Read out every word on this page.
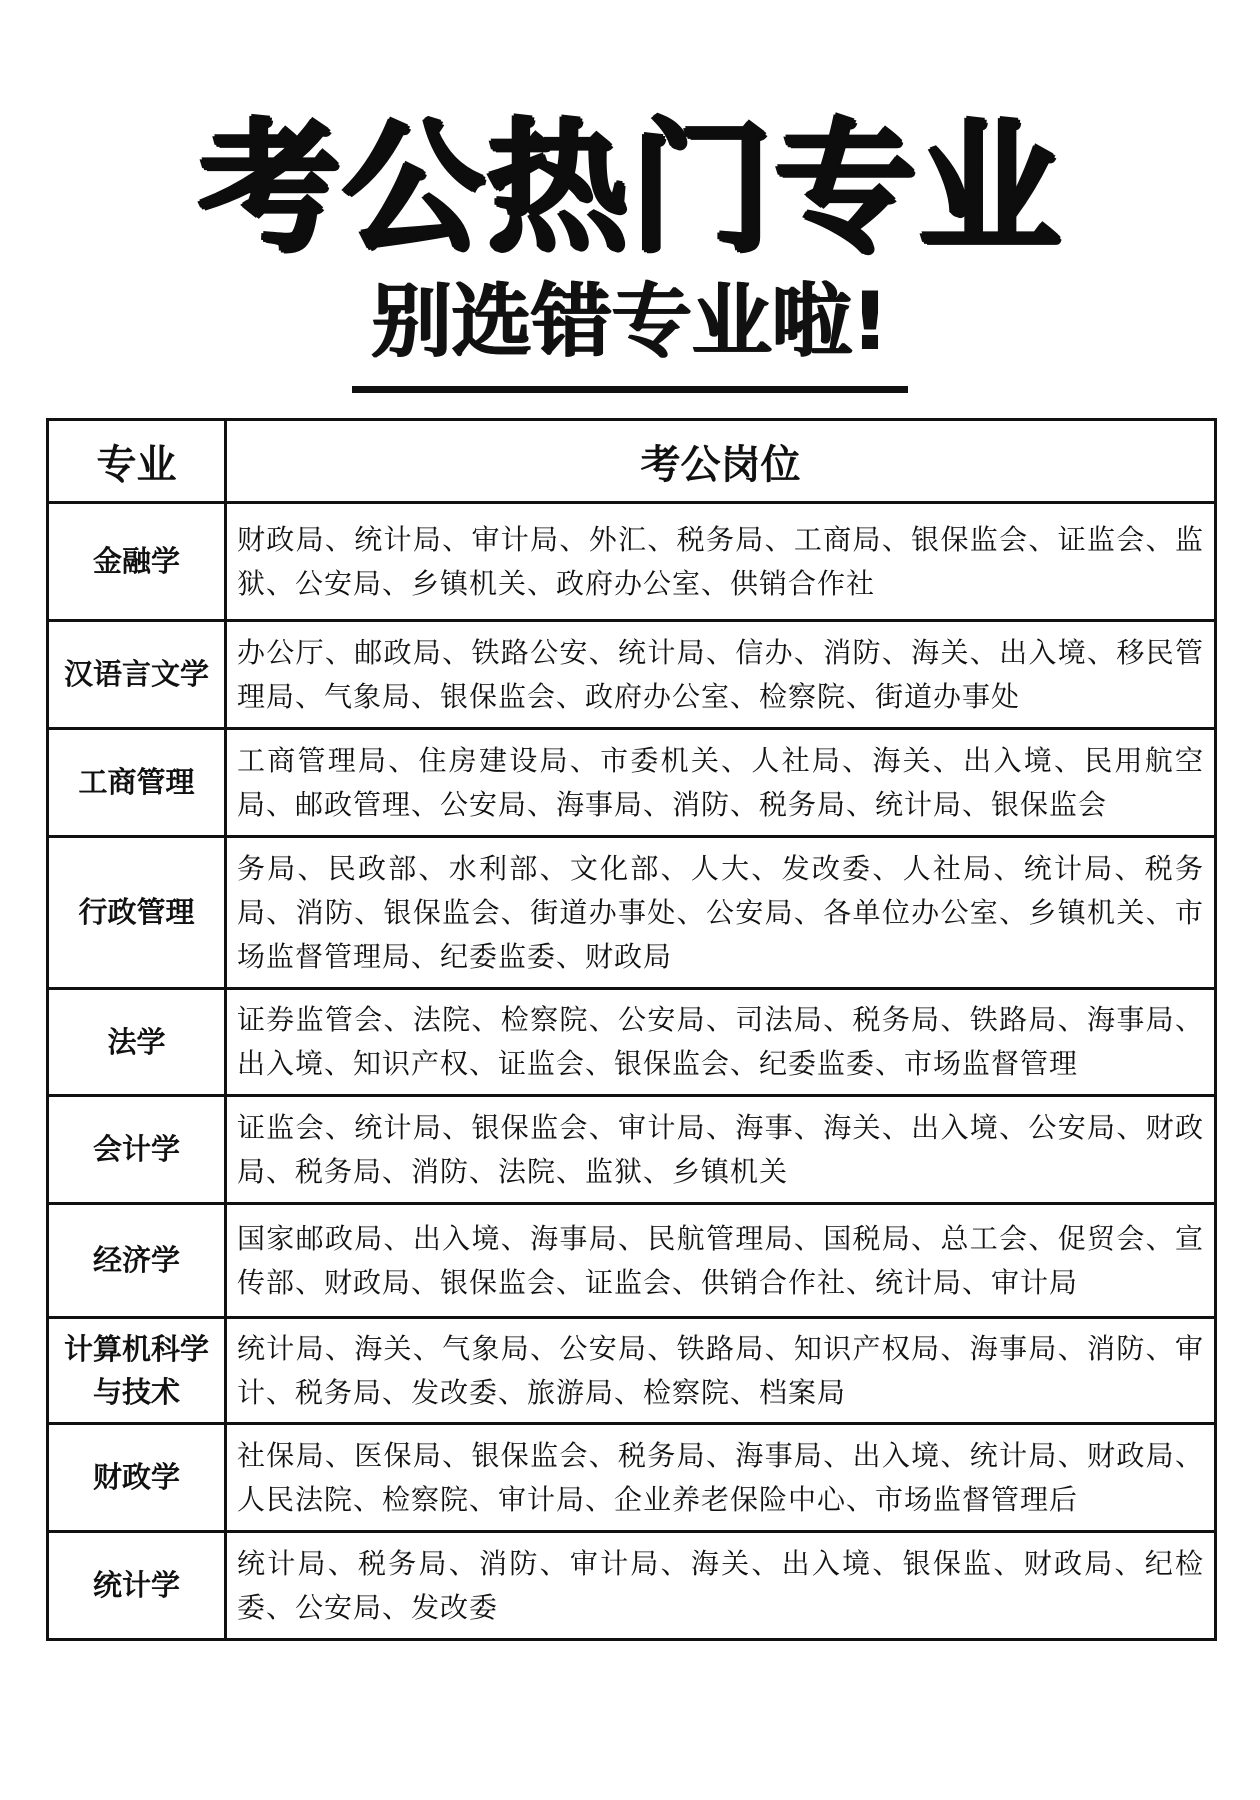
考公热门专业
别选错专业啦!
专业	考公岗位
金融学	财政局、统计局、审计局、外汇、税务局、工商局、银保监会、证监会、监狱、公安局、乡镇机关、政府办公室、供销合作社
汉语言文学	办公厅、邮政局、铁路公安、统计局、信办、消防、海关、出入境、移民管理局、气象局、银保监会、政府办公室、检察院、街道办事处
工商管理	工商管理局、住房建设局、市委机关、人社局、海关、出入境、民用航空局、邮政管理、公安局、海事局、消防、税务局、统计局、银保监会
行政管理	务局、民政部、水利部、文化部、人大、发改委、人社局、统计局、税务局、消防、银保监会、街道办事处、公安局、各单位办公室、乡镇机关、市场监督管理局、纪委监委、财政局
法学	证券监管会、法院、检察院、公安局、司法局、税务局、铁路局、海事局、出入境、知识产权、证监会、银保监会、纪委监委、市场监督管理
会计学	证监会、统计局、银保监会、审计局、海事、海关、出入境、公安局、财政局、税务局、消防、法院、监狱、乡镇机关
经济学	国家邮政局、出入境、海事局、民航管理局、国税局、总工会、促贸会、宣传部、财政局、银保监会、证监会、供销合作社、统计局、审计局
计算机科学与技术	统计局、海关、气象局、公安局、铁路局、知识产权局、海事局、消防、审计、税务局、发改委、旅游局、检察院、档案局
财政学	社保局、医保局、银保监会、税务局、海事局、出入境、统计局、财政局、人民法院、检察院、审计局、企业养老保险中心、市场监督管理后
统计学	统计局、税务局、消防、审计局、海关、出入境、银保监、财政局、纪检委、公安局、发改委
